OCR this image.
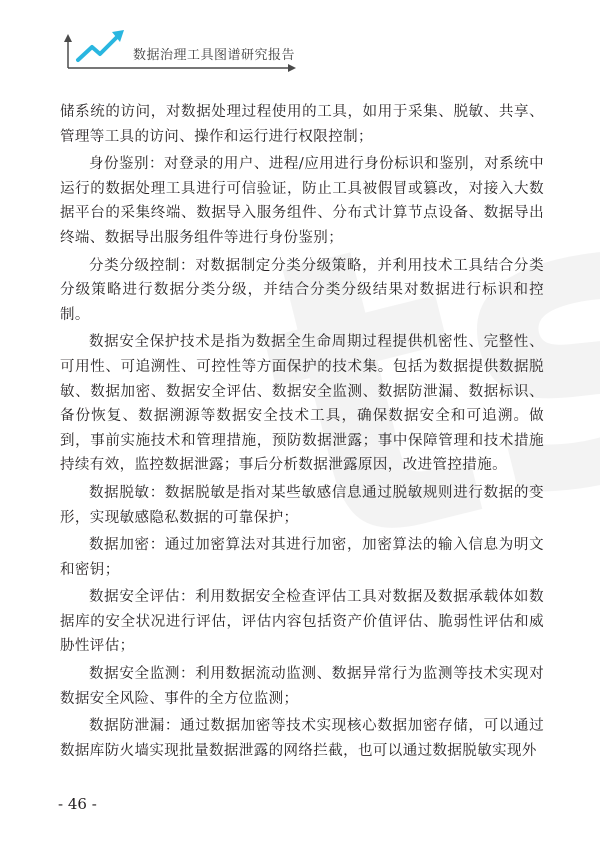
数据治理工具图谱研究报告

储系统的访问，对数据处理过程使用的工具，如用于采集、脱敏、共享、管理等工具的访问、操作和运行进行权限控制；

身份鉴别：对登录的用户、进程/应用进行身份标识和鉴别，对系统中运行的数据处理工具进行可信验证，防止工具被假冒或篡改，对接入大数据平台的采集终端、数据导入服务组件、分布式计算节点设备、数据导出终端、数据导出服务组件等进行身份鉴别；

分类分级控制：对数据制定分类分级策略，并利用技术工具结合分类分级策略进行数据分类分级，并结合分类分级结果对数据进行标识和控制。

数据安全保护技术是指为数据全生命周期过程提供机密性、完整性、可用性、可追溯性、可控性等方面保护的技术集。包括为数据提供数据脱敏、数据加密、数据安全评估、数据安全监测、数据防泄漏、数据标识、备份恢复、数据溯源等数据安全技术工具，确保数据安全和可追溯。做到，事前实施技术和管理措施，预防数据泄露；事中保障管理和技术措施持续有效，监控数据泄露；事后分析数据泄露原因，改进管控措施。

数据脱敏：数据脱敏是指对某些敏感信息通过脱敏规则进行数据的变形，实现敏感隐私数据的可靠保护；

数据加密：通过加密算法对其进行加密，加密算法的输入信息为明文和密钥；

数据安全评估：利用数据安全检查评估工具对数据及数据承载体如数据库的安全状况进行评估，评估内容包括资产价值评估、脆弱性评估和威胁性评估；

数据安全监测：利用数据流动监测、数据异常行为监测等技术实现对数据安全风险、事件的全方位监测；

数据防泄漏：通过数据加密等技术实现核心数据加密存储，可以通过数据库防火墙实现批量数据泄露的网络拦截，也可以通过数据脱敏实现外

- 46 -
